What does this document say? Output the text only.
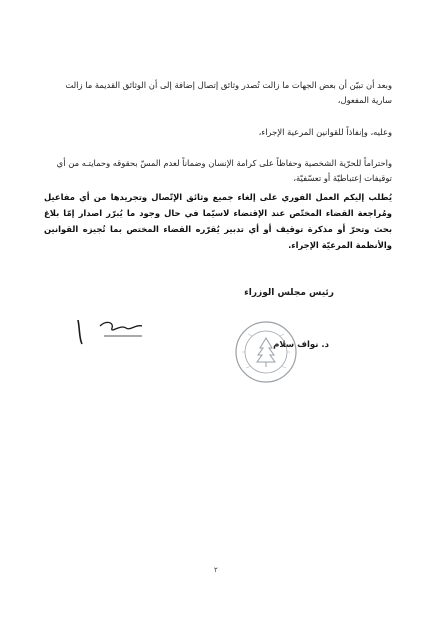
وبعد أن تبيّن أن بعض الجهات ما زالت تُصدر وثائق إتصال إضافة إلى أن الوثائق القديمة ما زالت سارية المفعول،
وعليه، وإنفاذاً للقوانين المرعية الإجراء،
واحتراماً للحرّية الشخصية وحفاظاً على كرامة الإنسان وضماناً لعدم المسّ بحقوقه وحمايتـه من أي توقيفات إعتباطيّة أو تعسّفيّة،
يُطلب إليكم العمل الفوري على إلغاء جميع وثائق الإتّصال وتجريدها من أي مفاعيل ومُراجعة القضاء المختّص عند الإقتضاء لاسيّما في حال وجود ما يُبرّر اصدار إمّا بلاغ بحث وتحرّ أو مذكرة توقيف أو أي تدبير يُقرّره القضاء المختص بما تُجيزه القوانين والأنظمة المرعيّة الإجراء.
رئيس مجلس الوزراء
د. نواف سلام
٢
